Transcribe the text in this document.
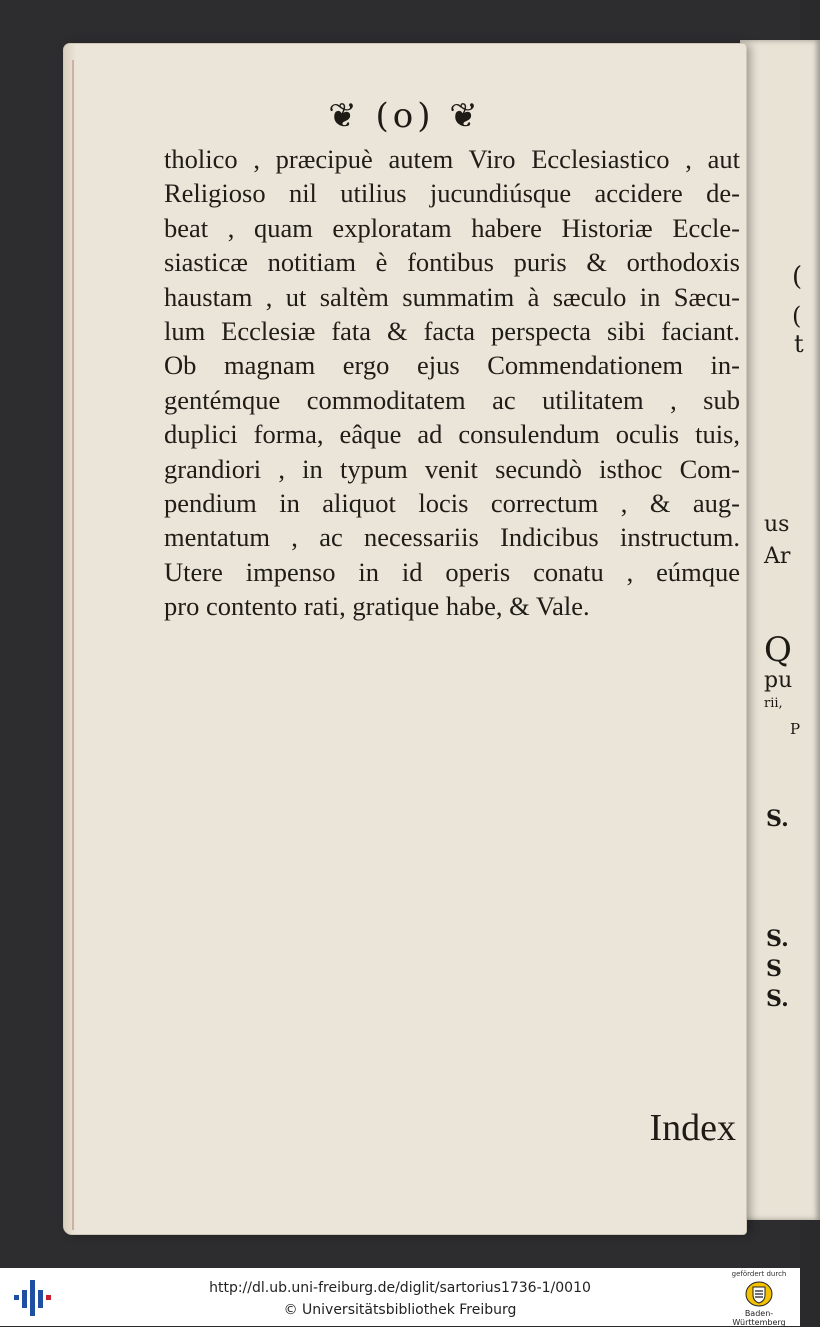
(
(
t
us
Ar
Q
pu
rii,
P
S.
S.
S
S.
❦ (o) ❦
tholico , præcipuè autem Viro Ecclesiastico , aut
Religioso nil utilius jucundiúsque accidere de-
beat , quam exploratam habere Historiæ Eccle-
siasticæ notitiam è fontibus puris & orthodoxis
haustam , ut saltèm summatim à sæculo in Sæcu-
lum Ecclesiæ fata & facta perspecta sibi faciant.
Ob magnam ergo ejus Commendationem in-
gentémque commoditatem ac utilitatem , sub
duplici forma, eâque ad consulendum oculis tuis,
grandiori , in typum venit secundò isthoc Com-
pendium in aliquot locis correctum , & aug-
mentatum , ac necessariis Indicibus instructum.
Utere impenso in id operis conatu , eúmque
pro contento rati, gratique habe, & Vale.
Index
http://dl.ub.uni-freiburg.de/diglit/sartorius1736-1/0010
© Universitätsbibliothek Freiburg
gefördert durch
Baden-Württemberg
